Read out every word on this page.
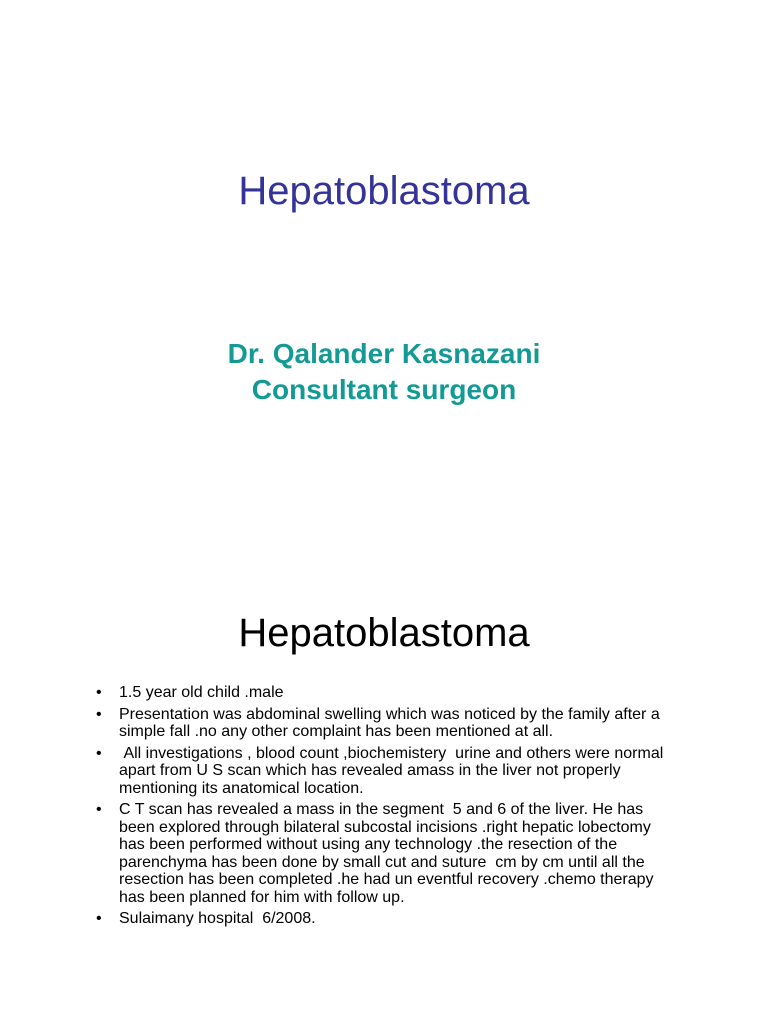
Hepatoblastoma
Dr. Qalander Kasnazani
Consultant surgeon
Hepatoblastoma
• 1.5 year old child .male
• Presentation was abdominal swelling which was noticed by the family after a simple fall .no any other complaint has been mentioned at all.
• All investigations , blood count ,biochemistery  urine and others were normal apart from U S scan which has revealed amass in the liver not properly mentioning its anatomical location.
• C T scan has revealed a mass in the segment  5 and 6 of the liver. He has been explored through bilateral subcostal incisions .right hepatic lobectomy has been performed without using any technology .the resection of the parenchyma has been done by small cut and suture  cm by cm until all the resection has been completed .he had un eventful recovery .chemo therapy has been planned for him with follow up.
• Sulaimany hospital  6/2008.
